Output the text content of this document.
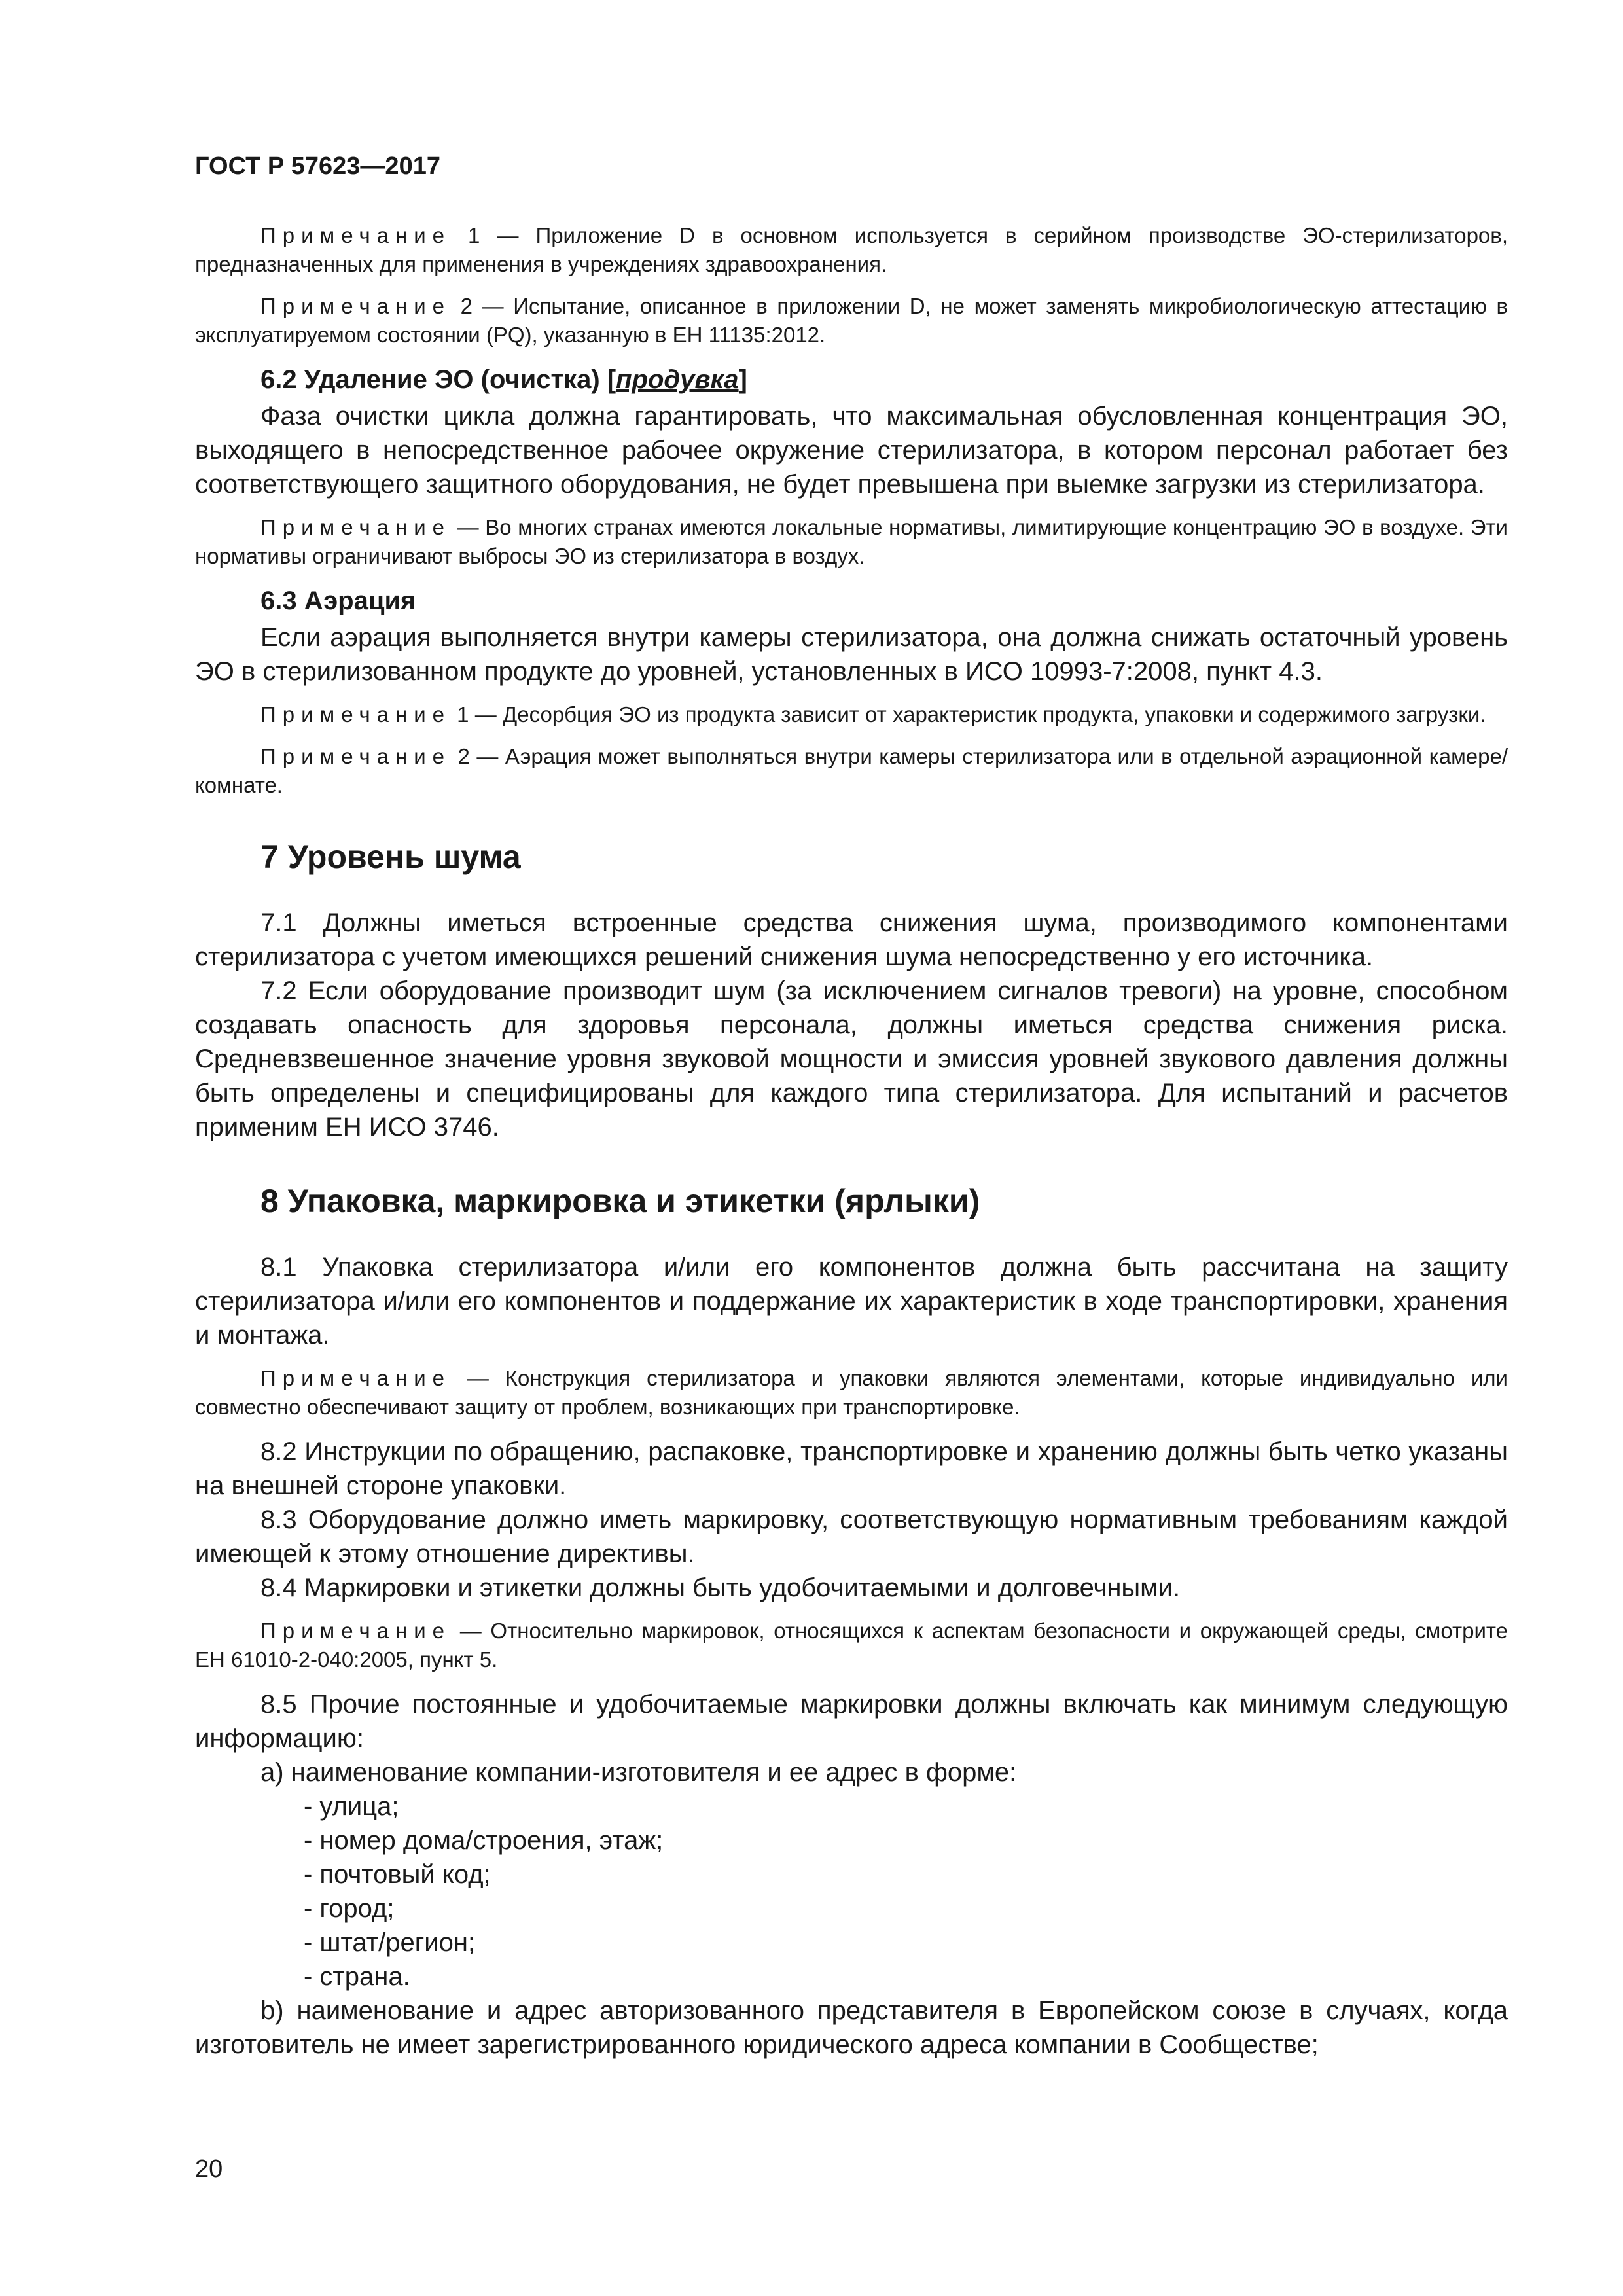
ГОСТ Р 57623—2017

Примечание 1 — Приложение D в основном используется в серийном производстве ЭО-стерилизаторов, предназначенных для применения в учреждениях здравоохранения.

Примечание 2 — Испытание, описанное в приложении D, не может заменять микробиологическую аттестацию в эксплуатируемом состоянии (PQ), указанную в ЕН 11135:2012.

6.2 Удаление ЭО (очистка) [продувка]

Фаза очистки цикла должна гарантировать, что максимальная обусловленная концентрация ЭО, выходящего в непосредственное рабочее окружение стерилизатора, в котором персонал работает без соответствующего защитного оборудования, не будет превышена при выемке загрузки из стерилизатора.

Примечание — Во многих странах имеются локальные нормативы, лимитирующие концентрацию ЭО в воздухе. Эти нормативы ограничивают выбросы ЭО из стерилизатора в воздух.

6.3 Аэрация

Если аэрация выполняется внутри камеры стерилизатора, она должна снижать остаточный уровень ЭО в стерилизованном продукте до уровней, установленных в ИСО 10993-7:2008, пункт 4.3.

Примечание 1 — Десорбция ЭО из продукта зависит от характеристик продукта, упаковки и содержимого загрузки.

Примечание 2 — Аэрация может выполняться внутри камеры стерилизатора или в отдельной аэрационной камере/комнате.

7 Уровень шума

7.1 Должны иметься встроенные средства снижения шума, производимого компонентами стерилизатора с учетом имеющихся решений снижения шума непосредственно у его источника.

7.2 Если оборудование производит шум (за исключением сигналов тревоги) на уровне, способном создавать опасность для здоровья персонала, должны иметься средства снижения риска. Средневзвешенное значение уровня звуковой мощности и эмиссия уровней звукового давления должны быть определены и специфицированы для каждого типа стерилизатора. Для испытаний и расчетов применим ЕН ИСО 3746.

8 Упаковка, маркировка и этикетки (ярлыки)

8.1 Упаковка стерилизатора и/или его компонентов должна быть рассчитана на защиту стерилизатора и/или его компонентов и поддержание их характеристик в ходе транспортировки, хранения и монтажа.

Примечание — Конструкция стерилизатора и упаковки являются элементами, которые индивидуально или совместно обеспечивают защиту от проблем, возникающих при транспортировке.

8.2 Инструкции по обращению, распаковке, транспортировке и хранению должны быть четко указаны на внешней стороне упаковки.

8.3 Оборудование должно иметь маркировку, соответствующую нормативным требованиям каждой имеющей к этому отношение директивы.

8.4 Маркировки и этикетки должны быть удобочитаемыми и долговечными.

Примечание — Относительно маркировок, относящихся к аспектам безопасности и окружающей среды, смотрите ЕН 61010-2-040:2005, пункт 5.

8.5 Прочие постоянные и удобочитаемые маркировки должны включать как минимум следующую информацию:

a) наименование компании-изготовителя и ее адрес в форме:

- улица;

- номер дома/строения, этаж;

- почтовый код;

- город;

- штат/регион;

- страна.

b) наименование и адрес авторизованного представителя в Европейском союзе в случаях, когда изготовитель не имеет зарегистрированного юридического адреса компании в Сообществе;

20
